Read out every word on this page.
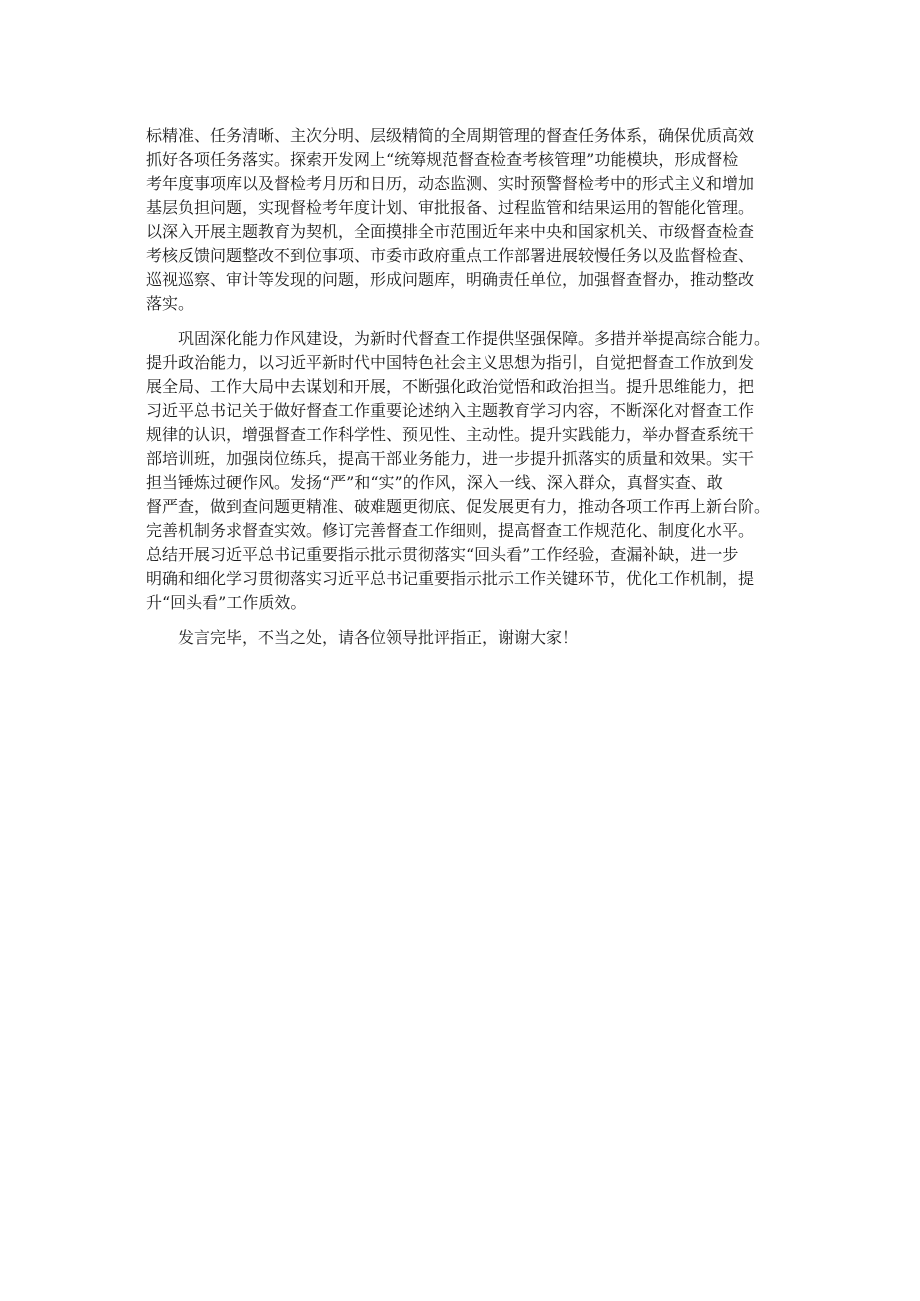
标精准、任务清晰、主次分明、层级精简的全周期管理的督查任务体系，确保优质高效
抓好各项任务落实。探索开发网上“统筹规范督查检查考核管理”功能模块，形成督检
考年度事项库以及督检考月历和日历，动态监测、实时预警督检考中的形式主义和增加
基层负担问题，实现督检考年度计划、审批报备、过程监管和结果运用的智能化管理。
以深入开展主题教育为契机，全面摸排全市范围近年来中央和国家机关、市级督查检查
考核反馈问题整改不到位事项、市委市政府重点工作部署进展较慢任务以及监督检查、
巡视巡察、审计等发现的问题，形成问题库，明确责任单位，加强督查督办，推动整改
落实。
　　巩固深化能力作风建设，为新时代督查工作提供坚强保障。多措并举提高综合能力。
提升政治能力，以习近平新时代中国特色社会主义思想为指引，自觉把督查工作放到发
展全局、工作大局中去谋划和开展，不断强化政治觉悟和政治担当。提升思维能力，把
习近平总书记关于做好督查工作重要论述纳入主题教育学习内容，不断深化对督查工作
规律的认识，增强督查工作科学性、预见性、主动性。提升实践能力，举办督查系统干
部培训班，加强岗位练兵，提高干部业务能力，进一步提升抓落实的质量和效果。实干
担当锤炼过硬作风。发扬“严”和“实”的作风，深入一线、深入群众，真督实查、敢
督严查，做到查问题更精准、破难题更彻底、促发展更有力，推动各项工作再上新台阶。
完善机制务求督查实效。修订完善督查工作细则，提高督查工作规范化、制度化水平。
总结开展习近平总书记重要指示批示贯彻落实“回头看”工作经验，查漏补缺，进一步
明确和细化学习贯彻落实习近平总书记重要指示批示工作关键环节，优化工作机制，提
升“回头看”工作质效。
　　发言完毕，不当之处，请各位领导批评指正，谢谢大家！
